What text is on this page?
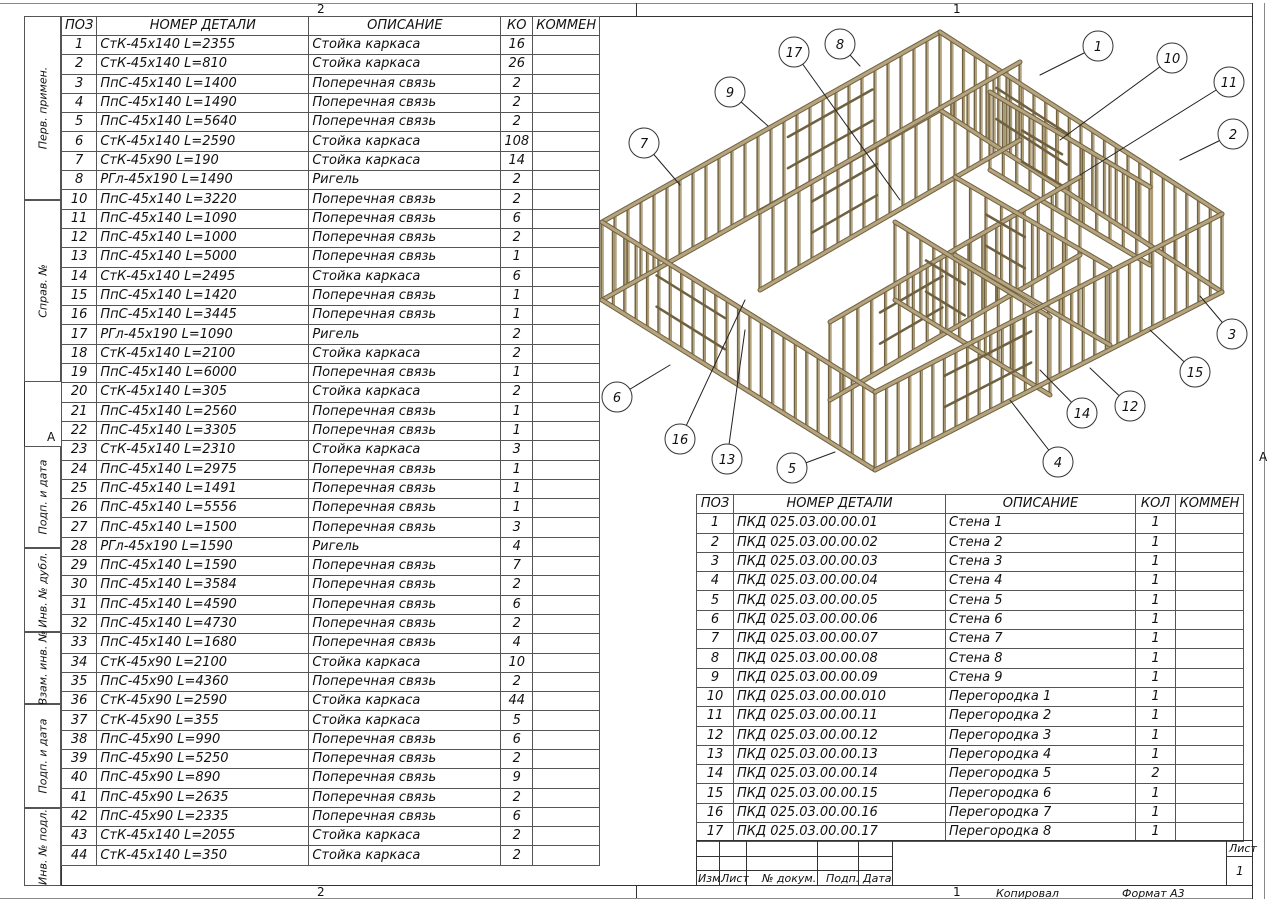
2	1
2	1
A
A
Перв. примен.
Справ. №
Подп. и дата
Инв. № дубл.
Взам. инв. №
Подп. и дата
Инв. № подл.
ПОЗ	НОМЕР ДЕТАЛИ	ОПИСАНИЕ	КО	КОММЕН
1	СтК-45x140 L=2355	Стойка каркаса	16	
2	СтК-45x140 L=810	Стойка каркаса	26	
3	ПпС-45x140 L=1400	Поперечная связь	2	
4	ПпС-45x140 L=1490	Поперечная связь	2	
5	ПпС-45x140 L=5640	Поперечная связь	2	
6	СтК-45x140 L=2590	Стойка каркаса	108	
7	СтК-45x90 L=190	Стойка каркаса	14	
8	РГл-45x190 L=1490	Ригель	2	
10	ПпС-45x140 L=3220	Поперечная связь	2	
11	ПпС-45x140 L=1090	Поперечная связь	6	
12	ПпС-45x140 L=1000	Поперечная связь	2	
13	ПпС-45x140 L=5000	Поперечная связь	1	
14	СтК-45x140 L=2495	Стойка каркаса	6	
15	ПпС-45x140 L=1420	Поперечная связь	1	
16	ПпС-45x140 L=3445	Поперечная связь	1	
17	РГл-45x190 L=1090	Ригель	2	
18	СтК-45x140 L=2100	Стойка каркаса	2	
19	ПпС-45x140 L=6000	Поперечная связь	1	
20	СтК-45x140 L=305	Стойка каркаса	2	
21	ПпС-45x140 L=2560	Поперечная связь	1	
22	ПпС-45x140 L=3305	Поперечная связь	1	
23	СтК-45x140 L=2310	Стойка каркаса	3	
24	ПпС-45x140 L=2975	Поперечная связь	1	
25	ПпС-45x140 L=1491	Поперечная связь	1	
26	ПпС-45x140 L=5556	Поперечная связь	1	
27	ПпС-45x140 L=1500	Поперечная связь	3	
28	РГл-45x190 L=1590	Ригель	4	
29	ПпС-45x140 L=1590	Поперечная связь	7	
30	ПпС-45x140 L=3584	Поперечная связь	2	
31	ПпС-45x140 L=4590	Поперечная связь	6	
32	ПпС-45x140 L=4730	Поперечная связь	2	
33	ПпС-45x140 L=1680	Поперечная связь	4	
34	СтК-45x90 L=2100	Стойка каркаса	10	
35	ПпС-45x90 L=4360	Поперечная связь	2	
36	СтК-45x90 L=2590	Стойка каркаса	44	
37	СтК-45x90 L=355	Стойка каркаса	5	
38	ПпС-45x90 L=990	Поперечная связь	6	
39	ПпС-45x90 L=5250	Поперечная связь	2	
40	ПпС-45x90 L=890	Поперечная связь	9	
41	ПпС-45x90 L=2635	Поперечная связь	2	
42	ПпС-45x90 L=2335	Поперечная связь	6	
43	СтК-45x140 L=2055	Стойка каркаса	2	
44	СтК-45x140 L=350	Стойка каркаса	2	
1
2
3
4
5
6
7
8
9
10
11
12
13
14
15
16
17
ПОЗ	НОМЕР ДЕТАЛИ	ОПИСАНИЕ	КОЛ	КОММЕН
1	ПКД 025.03.00.00.01	Стена 1	1	
2	ПКД 025.03.00.00.02	Стена 2	1	
3	ПКД 025.03.00.00.03	Стена 3	1	
4	ПКД 025.03.00.00.04	Стена 4	1	
5	ПКД 025.03.00.00.05	Стена 5	1	
6	ПКД 025.03.00.00.06	Стена 6	1	
7	ПКД 025.03.00.00.07	Стена 7	1	
8	ПКД 025.03.00.00.08	Стена 8	1	
9	ПКД 025.03.00.00.09	Стена 9	1	
10	ПКД 025.03.00.00.010	Перегородка 1	1	
11	ПКД 025.03.00.00.11	Перегородка 2	1	
12	ПКД 025.03.00.00.12	Перегородка 3	1	
13	ПКД 025.03.00.00.13	Перегородка 4	1	
14	ПКД 025.03.00.00.14	Перегородка 5	2	
15	ПКД 025.03.00.00.15	Перегородка 6	1	
16	ПКД 025.03.00.00.16	Перегородка 7	1	
17	ПКД 025.03.00.00.17	Перегородка 8	1	
Изм.
Лист № докум. Подп. Дата
Лист
1
Копировал	Формат А3
